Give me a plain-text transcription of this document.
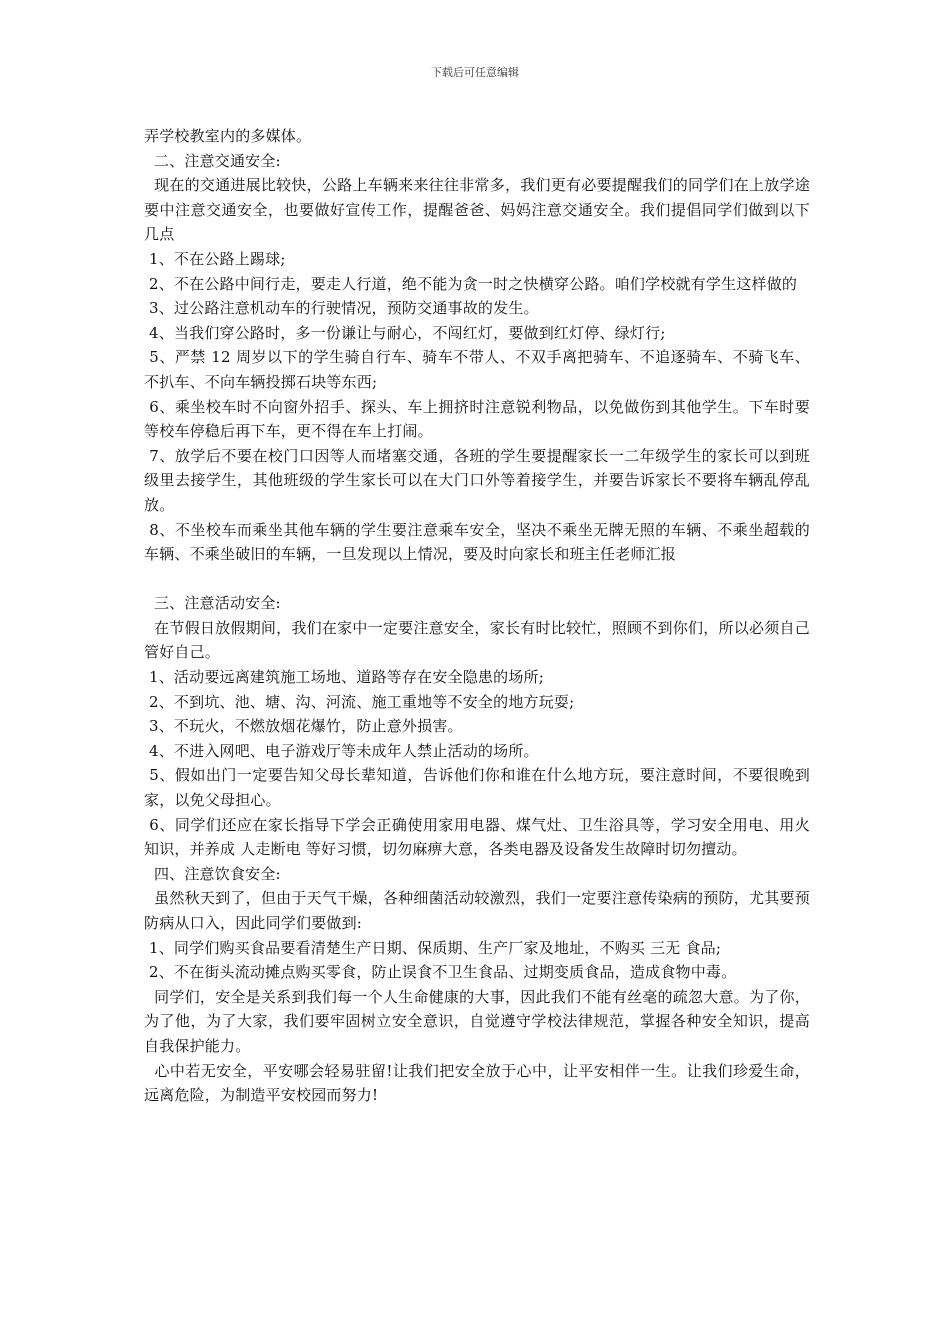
下载后可任意编辑

弄学校教室内的多媒体。

二、注意交通安全:

现在的交通进展比较快，公路上车辆来来往往非常多，我们更有必要提醒我们的同学们在上放学途要中注意交通安全，也要做好宣传工作，提醒爸爸、妈妈注意交通安全。我们提倡同学们做到以下几点

1、不在公路上踢球;

2、不在公路中间行走，要走人行道，绝不能为贪一时之快横穿公路。咱们学校就有学生这样做的

3、过公路注意机动车的行驶情况，预防交通事故的发生。

4、当我们穿公路时，多一份谦让与耐心，不闯红灯，要做到红灯停、绿灯行;

5、严禁 12 周岁以下的学生骑自行车、骑车不带人、不双手离把骑车、不追逐骑车、不骑飞车、不扒车、不向车辆投掷石块等东西;

6、乘坐校车时不向窗外招手、探头、车上拥挤时注意锐利物品，以免做伤到其他学生。下车时要等校车停稳后再下车，更不得在车上打闹。

7、放学后不要在校门口因等人而堵塞交通，各班的学生要提醒家长一二年级学生的家长可以到班级里去接学生，其他班级的学生家长可以在大门口外等着接学生，并要告诉家长不要将车辆乱停乱放。

8、不坐校车而乘坐其他车辆的学生要注意乘车安全，坚决不乘坐无牌无照的车辆、不乘坐超载的车辆、不乘坐破旧的车辆，一旦发现以上情况，要及时向家长和班主任老师汇报

三、注意活动安全:

在节假日放假期间，我们在家中一定要注意安全，家长有时比较忙，照顾不到你们，所以必须自己管好自己。

1、活动要远离建筑施工场地、道路等存在安全隐患的场所;

2、不到坑、池、塘、沟、河流、施工重地等不安全的地方玩耍;

3、不玩火，不燃放烟花爆竹，防止意外损害。

4、不进入网吧、电子游戏厅等未成年人禁止活动的场所。

5、假如出门一定要告知父母长辈知道，告诉他们你和谁在什么地方玩，要注意时间，不要很晚到家，以免父母担心。

6、同学们还应在家长指导下学会正确使用家用电器、煤气灶、卫生浴具等，学习安全用电、用火知识，并养成 人走断电 等好习惯，切勿麻痹大意，各类电器及设备发生故障时切勿擅动。

四、注意饮食安全:

虽然秋天到了，但由于天气干燥，各种细菌活动较激烈，我们一定要注意传染病的预防，尤其要预防病从口入，因此同学们要做到:

1、同学们购买食品要看清楚生产日期、保质期、生产厂家及地址，不购买 三无 食品;

2、不在街头流动摊点购买零食，防止误食不卫生食品、过期变质食品，造成食物中毒。

同学们，安全是关系到我们每一个人生命健康的大事，因此我们不能有丝毫的疏忽大意。为了你，为了他，为了大家，我们要牢固树立安全意识，自觉遵守学校法律规范，掌握各种安全知识，提高自我保护能力。

心中若无安全，平安哪会轻易驻留!让我们把安全放于心中，让平安相伴一生。让我们珍爱生命，远离危险，为制造平安校园而努力!
